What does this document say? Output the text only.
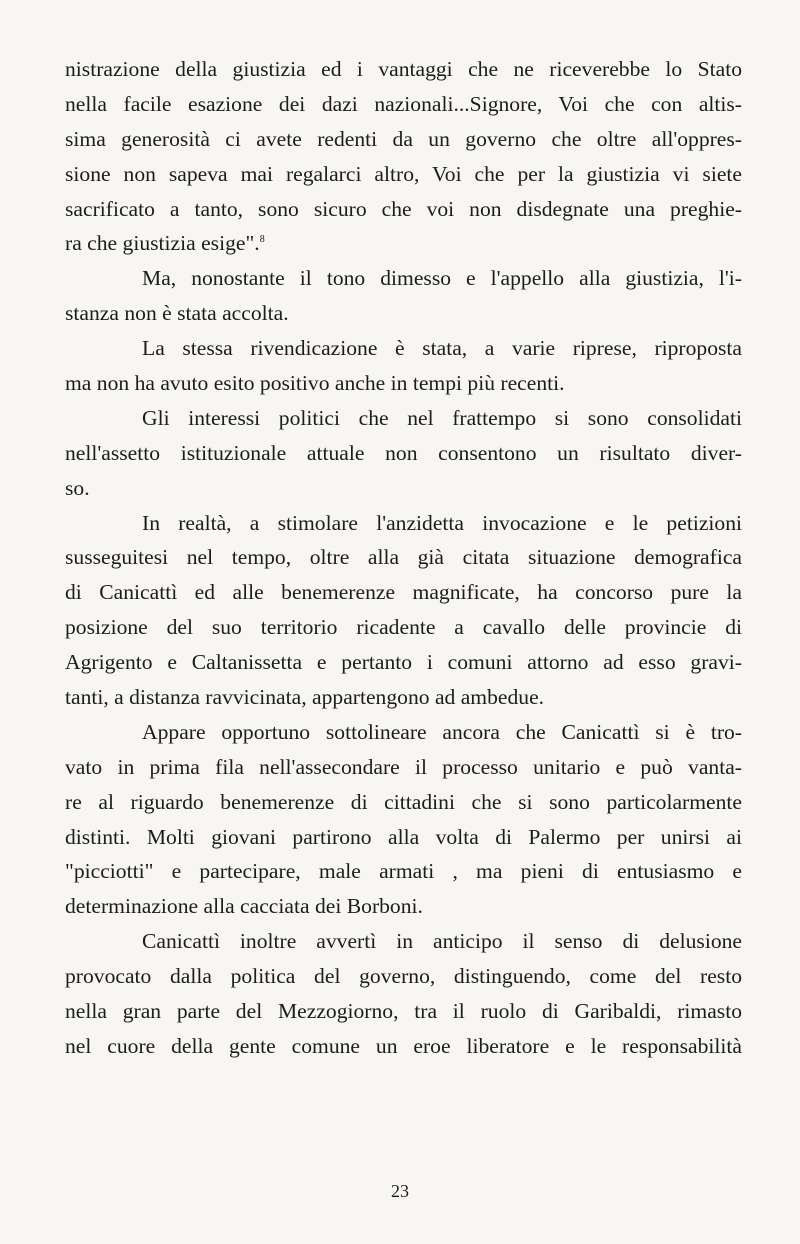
nistrazione della giustizia ed i vantaggi che ne riceverebbe lo Stato
nella facile esazione dei dazi nazionali...Signore, Voi che con altis-
sima generosità ci avete redenti da un governo che oltre all'oppres-
sione non sapeva mai regalarci altro, Voi che per la giustizia vi siete
sacrificato a tanto, sono sicuro che voi non disdegnate una preghie-
ra che giustizia esige".$^8$
Ma, nonostante il tono dimesso e l'appello alla giustizia, l'i-
stanza non è stata accolta.
La stessa rivendicazione è stata, a varie riprese, riproposta
ma non ha avuto esito positivo anche in tempi più recenti.
Gli interessi politici che nel frattempo si sono consolidati
nell'assetto istituzionale attuale non consentono un risultato diver-
so.
In realtà, a stimolare l'anzidetta invocazione e le petizioni
susseguitesi nel tempo, oltre alla già citata situazione demografica
di Canicattì ed alle benemerenze magnificate, ha concorso pure la
posizione del suo territorio ricadente a cavallo delle provincie di
Agrigento e Caltanissetta e pertanto i comuni attorno ad esso gravi-
tanti, a distanza ravvicinata, appartengono ad ambedue.
Appare opportuno sottolineare ancora che Canicattì si è tro-
vato in prima fila nell'assecondare il processo unitario e può vanta-
re al riguardo benemerenze di cittadini che si sono particolarmente
distinti. Molti giovani partirono alla volta di Palermo per unirsi ai
"picciotti" e partecipare, male armati , ma pieni di entusiasmo e
determinazione alla cacciata dei Borboni.
Canicattì inoltre avvertì in anticipo il senso di delusione
provocato dalla politica del governo, distinguendo, come del resto
nella gran parte del Mezzogiorno, tra il ruolo di Garibaldi, rimasto
nel cuore della gente comune un eroe liberatore e le responsabilità
23
